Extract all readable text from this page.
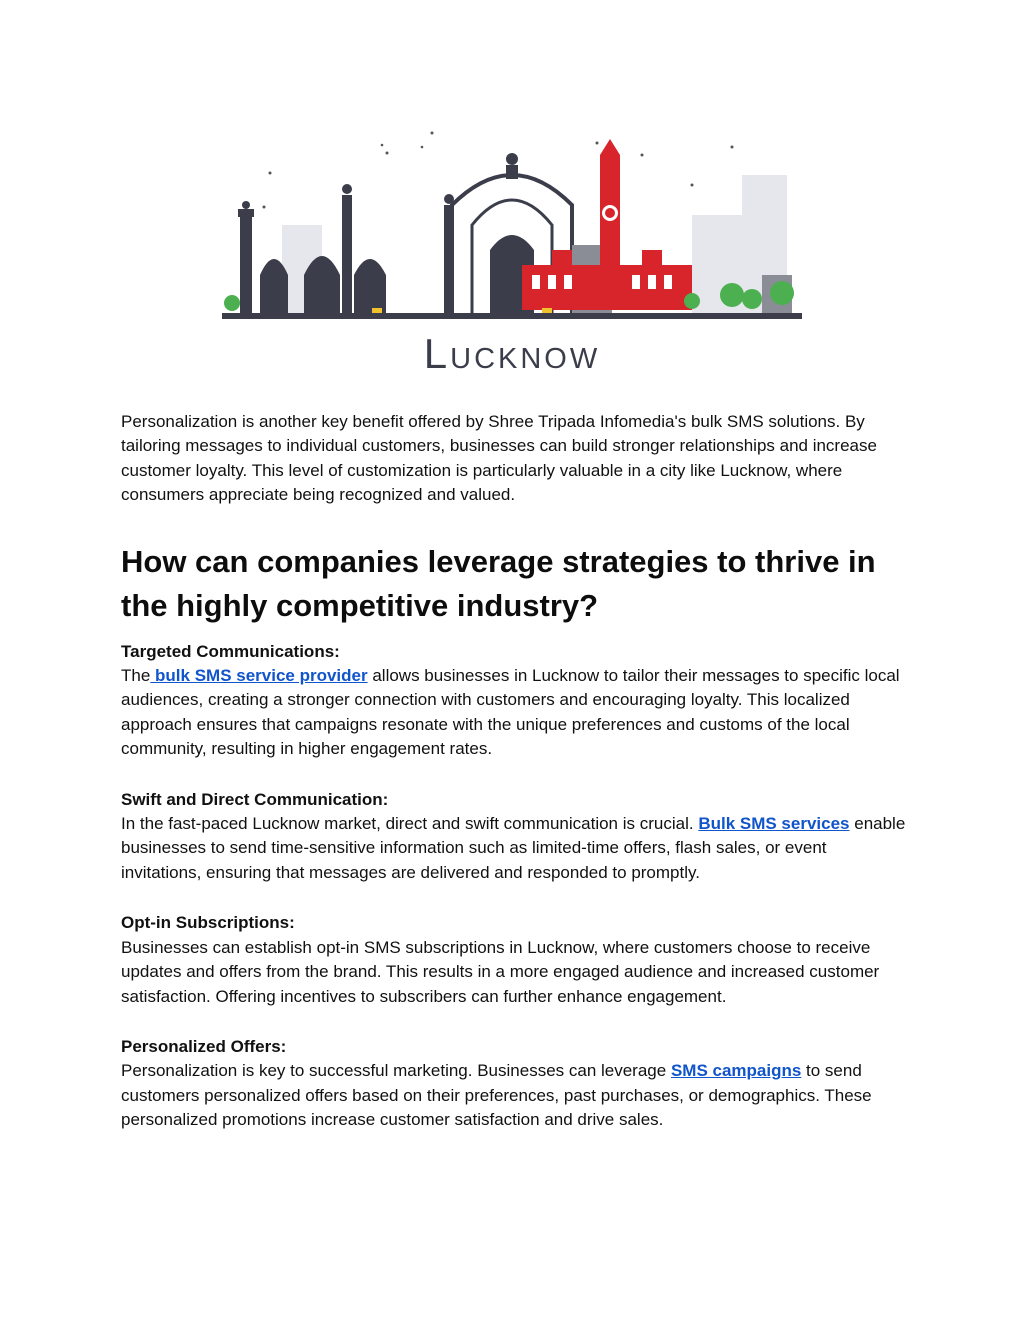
Lucknow

Personalization is another key benefit offered by Shree Tripada Infomedia's bulk SMS solutions. By tailoring messages to individual customers, businesses can build stronger relationships and increase customer loyalty. This level of customization is particularly valuable in a city like Lucknow, where consumers appreciate being recognized and valued.

How can companies leverage strategies to thrive in the highly competitive industry?
Targeted Communications:

The bulk SMS service provider allows businesses in Lucknow to tailor their messages to specific local audiences, creating a stronger connection with customers and encouraging loyalty. This localized approach ensures that campaigns resonate with the unique preferences and customs of the local community, resulting in higher engagement rates.

Swift and Direct Communication:

In the fast-paced Lucknow market, direct and swift communication is crucial. Bulk SMS services enable businesses to send time-sensitive information such as limited-time offers, flash sales, or event invitations, ensuring that messages are delivered and responded to promptly.

Opt-in Subscriptions:

Businesses can establish opt-in SMS subscriptions in Lucknow, where customers choose to receive updates and offers from the brand. This results in a more engaged audience and increased customer satisfaction. Offering incentives to subscribers can further enhance engagement.

Personalized Offers:

Personalization is key to successful marketing. Businesses can leverage SMS campaigns to send customers personalized offers based on their preferences, past purchases, or demographics. These personalized promotions increase customer satisfaction and drive sales.
